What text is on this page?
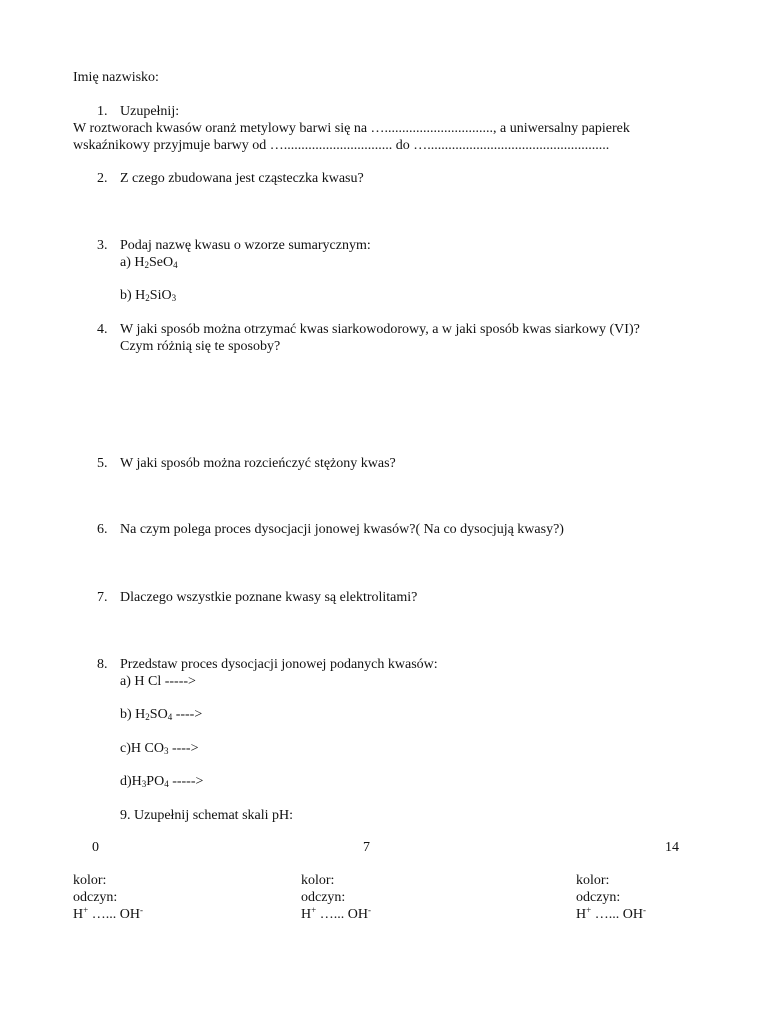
Imię nazwisko:
1. Uzupełnij:
W roztworach kwasów oranż metylowy barwi się na …..............................., a uniwersalny papierek
wskaźnikowy przyjmuje barwy od …............................... do …....................................................
2. Z czego zbudowana jest cząsteczka kwasu?
3. Podaj nazwę kwasu o wzorze sumarycznym:
a) $H_2SeO_4$
b) $H_2SiO_3$
4. W jaki sposób można otrzymać kwas siarkowodorowy, a w jaki sposób kwas siarkowy (VI)?
Czym różnią się te sposoby?
5. W jaki sposób można rozcieńczyć stężony kwas?
6. Na czym polega proces dysocjacji jonowej kwasów?( Na co dysocjują kwasy?)
7. Dlaczego wszystkie poznane kwasy są elektrolitami?
8. Przedstaw proces dysocjacji jonowej podanych kwasów:
a) H Cl ----->
b) $H_2SO_4$ ---->
c)H $CO_3$ ---->
$d)H_3PO_4$ ----->
9. Uzupełnij schemat skali pH:
0	7	14
kolor:
odczyn:
H+ …... OH-
kolor:
odczyn:
H+ …... OH-
kolor:
odczyn:
H+ …... OH-
